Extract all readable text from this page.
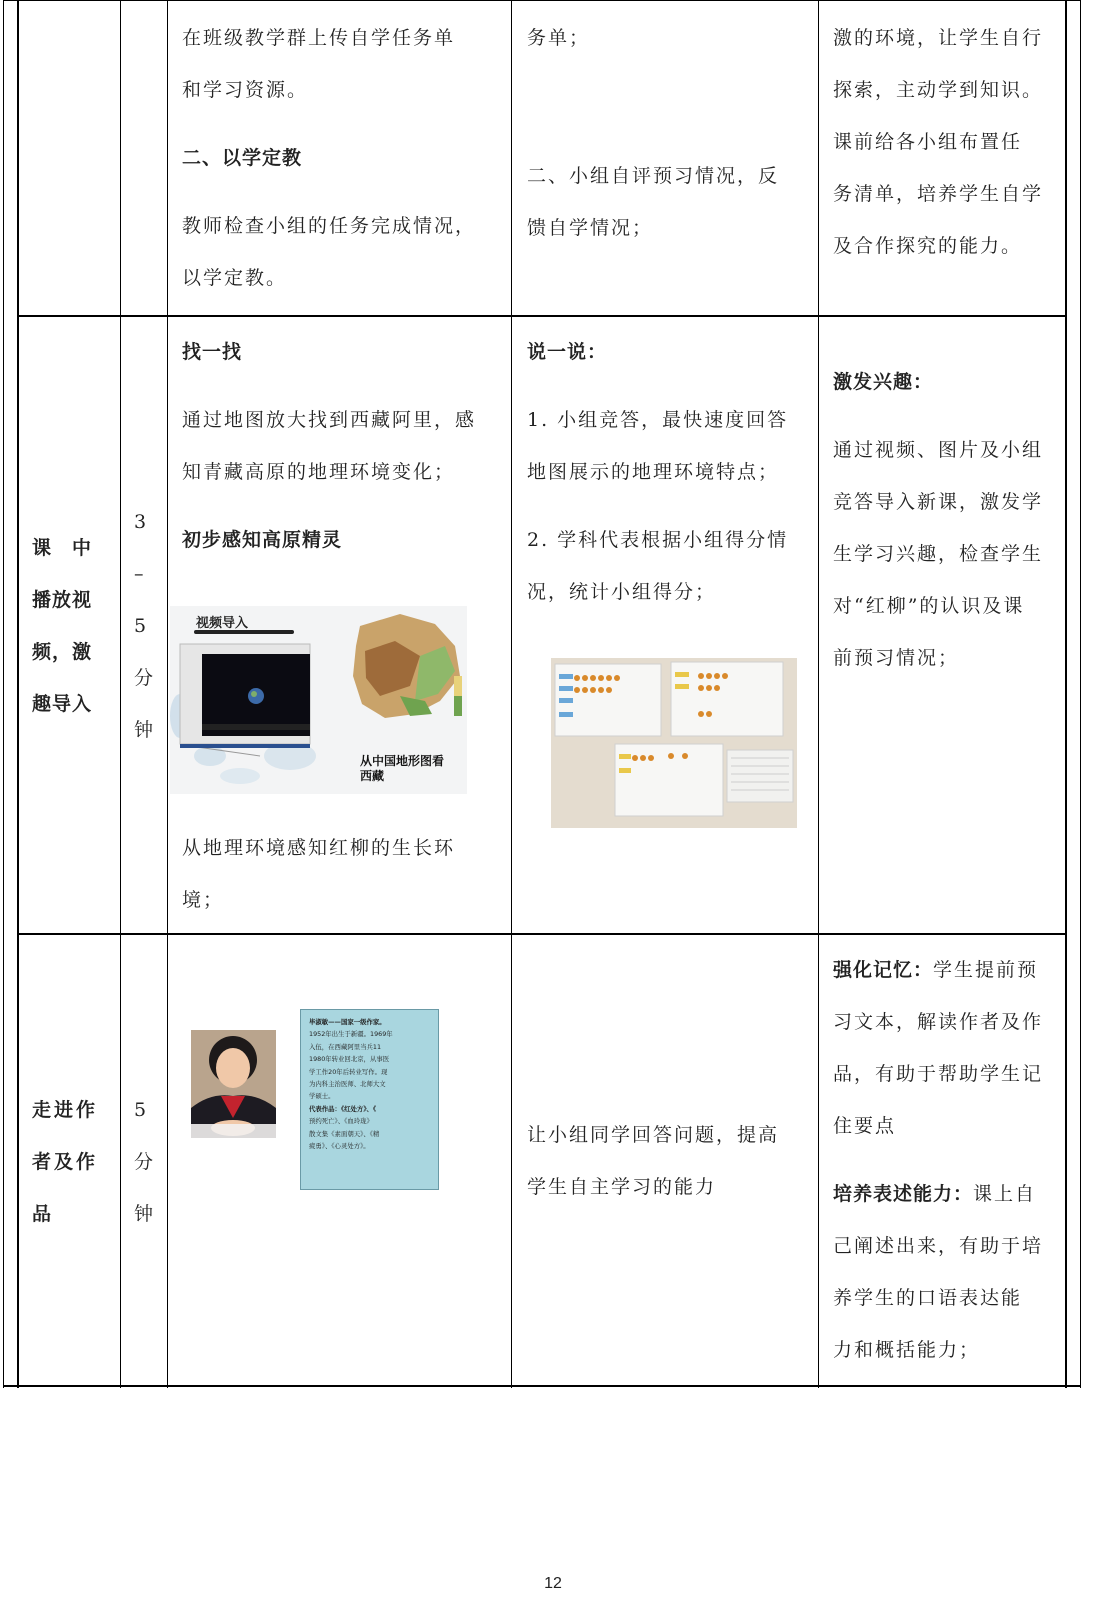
在班级教学群上传自学任务单

和学习资源。

二、以学定教

教师检查小组的任务完成情况，

以学定教。

务单；

二、小组自评预习情况，反

馈自学情况；

激的环境，让学生自行

探索，主动学到知识。

课前给各小组布置任

务清单，培养学生自学

及合作探究的能力。

课　中
播放视
频，激
趣导入
3
–
5
分
钟

找一找

通过地图放大找到西藏阿里，感

知青藏高原的地理环境变化；

初步感知高原精灵

视频导入
从中国地形图看
西藏

从地理环境感知红柳的生长环

境；

说一说：

1. 小组竞答，最快速度回答

地图展示的地理环境特点；

2. 学科代表根据小组得分情

况，统计小组得分；

激发兴趣：

通过视频、图片及小组

竞答导入新课，激发学

生学习兴趣，检查学生

对“红柳”的认识及课

前预习情况；

走进作
者及作
品
5
分
钟
毕淑敏——国家一级作家。
1952年出生于新疆。1969年
入伍，在西藏阿里当兵11
1980年转业回北京，从事医
学工作20年后转业写作。现
为内科主治医师、北师大文
学硕士。
代表作品：《红处方》、《
预约死亡》、《血玲珑》
散文集《素面朝天》、《精
疲勇》、《心灵处方》。

让小组同学回答问题，提高

学生自主学习的能力

强化记忆：学生提前预

习文本，解读作者及作

品，有助于帮助学生记

住要点

培养表述能力：课上自

己阐述出来，有助于培

养学生的口语表达能

力和概括能力；

12
